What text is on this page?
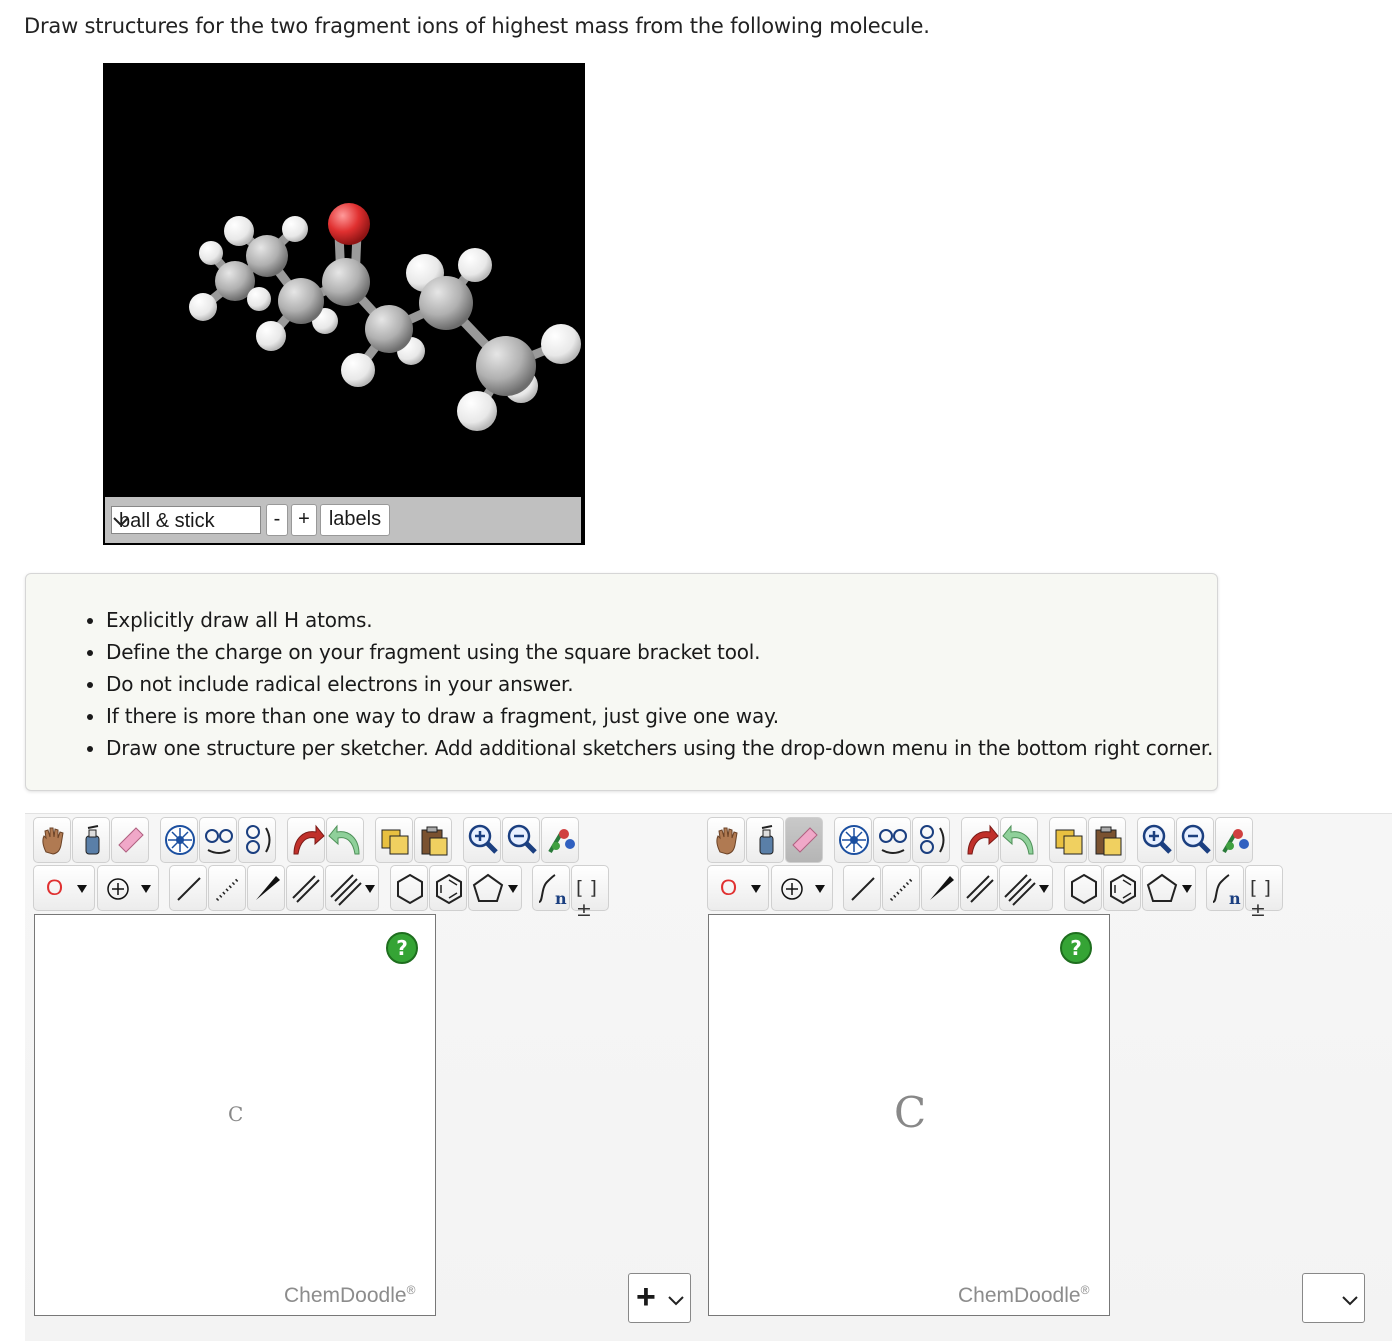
Draw structures for the two fragment ions of highest mass from the following molecule.
ball & stick	- + labels
• Explicitly draw all H atoms.
• Define the charge on your fragment using the square bracket tool.
• Do not include radical electrons in your answer.
• If there is more than one way to draw a fragment, just give one way.
• Draw one structure per sketcher. Add additional sketchers using the drop-down menu in the bottom right corner.
O	n [ ]±
?
C
ChemDoodle®
O	n [ ]±
?
C
ChemDoodle®
+
